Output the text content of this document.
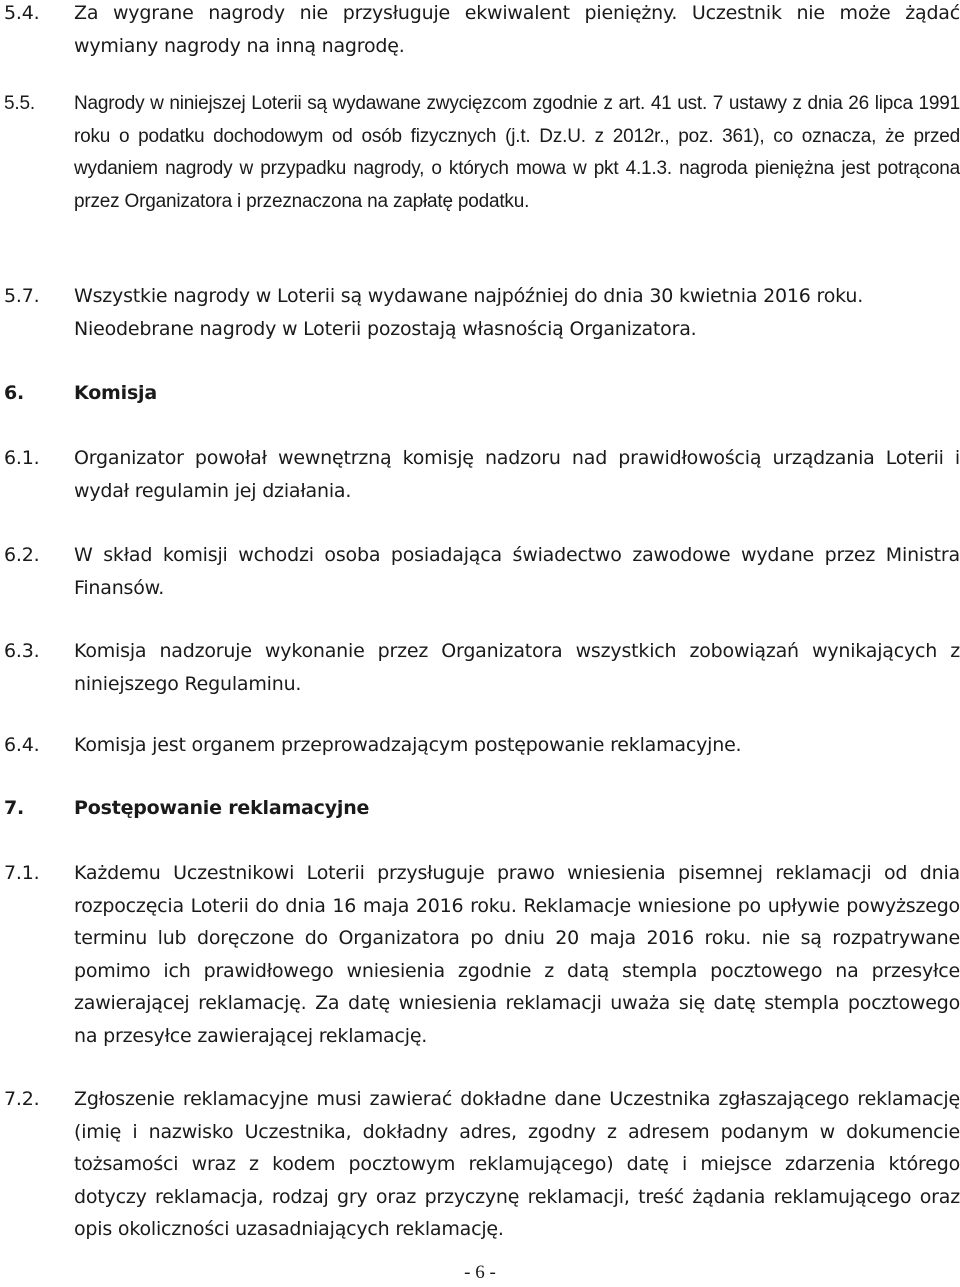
5.4. Za wygrane nagrody nie przysługuje ekwiwalent pieniężny. Uczestnik nie może żądać wymiany nagrody na inną nagrodę.
5.5. Nagrody w niniejszej Loterii są wydawane zwycięzcom zgodnie z art. 41 ust. 7 ustawy z dnia 26 lipca 1991 roku o podatku dochodowym od osób fizycznych (j.t. Dz.U. z 2012r., poz. 361), co oznacza, że przed wydaniem nagrody w przypadku nagrody, o których mowa w pkt 4.1.3. nagroda pieniężna jest potrącona przez Organizatora i przeznaczona na zapłatę podatku.
5.7. Wszystkie nagrody w Loterii są wydawane najpóźniej do dnia 30 kwietnia 2016 roku. Nieodebrane nagrody w Loterii pozostają własnością Organizatora.
6.	Komisja
6.1. Organizator powołał wewnętrzną komisję nadzoru nad prawidłowością urządzania Loterii i wydał regulamin jej działania.
6.2. W skład komisji wchodzi osoba posiadająca świadectwo zawodowe wydane przez Ministra Finansów.
6.3. Komisja nadzoruje wykonanie przez Organizatora wszystkich zobowiązań wynikających z niniejszego Regulaminu.
6.4. Komisja jest organem przeprowadzającym postępowanie reklamacyjne.
7.	Postępowanie reklamacyjne
7.1. Każdemu Uczestnikowi Loterii przysługuje prawo wniesienia pisemnej reklamacji od dnia rozpoczęcia Loterii do dnia 16 maja 2016 roku. Reklamacje wniesione po upływie powyższego terminu lub doręczone do Organizatora po dniu 20 maja 2016 roku. nie są rozpatrywane pomimo ich prawidłowego wniesienia zgodnie z datą stempla pocztowego na przesyłce zawierającej reklamację. Za datę wniesienia reklamacji uważa się datę stempla pocztowego na przesyłce zawierającej reklamację.
7.2. Zgłoszenie reklamacyjne musi zawierać dokładne dane Uczestnika zgłaszającego reklamację (imię i nazwisko Uczestnika, dokładny adres, zgodny z adresem podanym w dokumencie tożsamości wraz z kodem pocztowym reklamującego) datę i miejsce zdarzenia którego dotyczy reklamacja, rodzaj gry oraz przyczynę reklamacji, treść żądania reklamującego oraz opis okoliczności uzasadniających reklamację.
- 6 -
